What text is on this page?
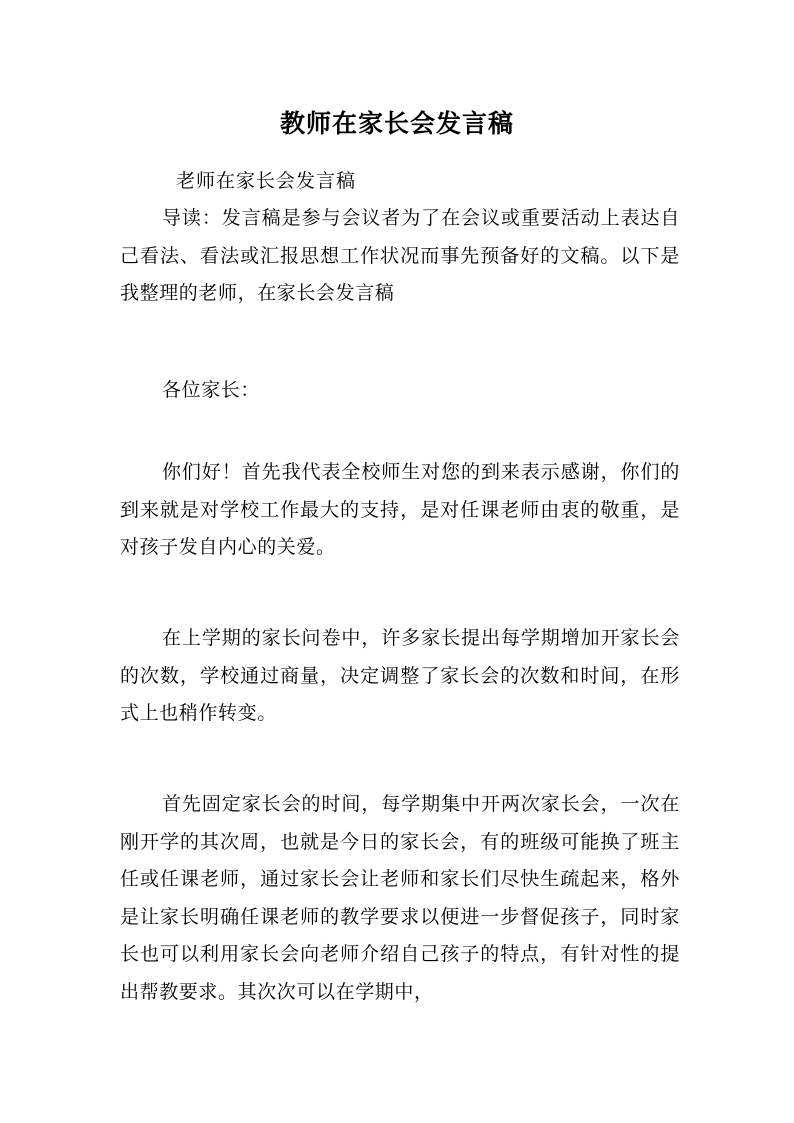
教师在家长会发言稿

老师在家长会发言稿

导读：发言稿是参与会议者为了在会议或重要活动上表达自己看法、看法或汇报思想工作状况而事先预备好的文稿。以下是我整理的老师，在家长会发言稿

各位家长：

你们好！首先我代表全校师生对您的到来表示感谢，你们的到来就是对学校工作最大的支持，是对任课老师由衷的敬重，是对孩子发自内心的关爱。

在上学期的家长问卷中，许多家长提出每学期增加开家长会的次数，学校通过商量，决定调整了家长会的次数和时间，在形式上也稍作转变。

首先固定家长会的时间，每学期集中开两次家长会，一次在刚开学的其次周，也就是今日的家长会，有的班级可能换了班主任或任课老师，通过家长会让老师和家长们尽快生疏起来，格外是让家长明确任课老师的教学要求以便进一步督促孩子，同时家长也可以利用家长会向老师介绍自己孩子的特点，有针对性的提出帮教要求。其次次可以在学期中，
